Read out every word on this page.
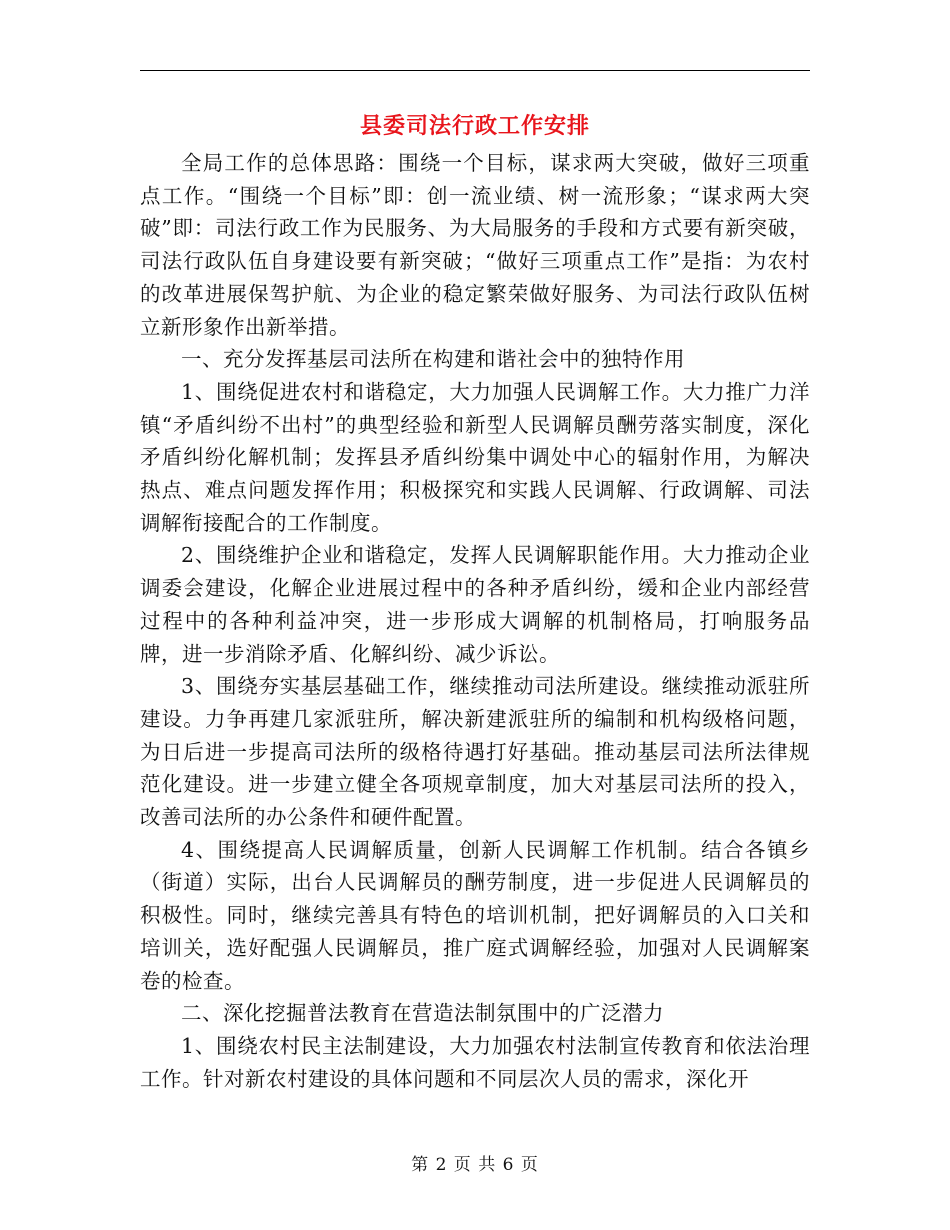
县委司法行政工作安排

全局工作的总体思路：围绕一个目标，谋求两大突破，做好三项重点工作。“围绕一个目标”即：创一流业绩、树一流形象；“谋求两大突破”即：司法行政工作为民服务、为大局服务的手段和方式要有新突破，司法行政队伍自身建设要有新突破；“做好三项重点工作”是指：为农村的改革进展保驾护航、为企业的稳定繁荣做好服务、为司法行政队伍树立新形象作出新举措。

一、充分发挥基层司法所在构建和谐社会中的独特作用

1、围绕促进农村和谐稳定，大力加强人民调解工作。大力推广力洋镇“矛盾纠纷不出村”的典型经验和新型人民调解员酬劳落实制度，深化矛盾纠纷化解机制；发挥县矛盾纠纷集中调处中心的辐射作用，为解决热点、难点问题发挥作用；积极探究和实践人民调解、行政调解、司法调解衔接配合的工作制度。

2、围绕维护企业和谐稳定，发挥人民调解职能作用。大力推动企业调委会建设，化解企业进展过程中的各种矛盾纠纷，缓和企业内部经营过程中的各种利益冲突，进一步形成大调解的机制格局，打响服务品牌，进一步消除矛盾、化解纠纷、减少诉讼。

3、围绕夯实基层基础工作，继续推动司法所建设。继续推动派驻所建设。力争再建几家派驻所，解决新建派驻所的编制和机构级格问题，为日后进一步提高司法所的级格待遇打好基础。推动基层司法所法律规范化建设。进一步建立健全各项规章制度，加大对基层司法所的投入，改善司法所的办公条件和硬件配置。

4、围绕提高人民调解质量，创新人民调解工作机制。结合各镇乡（街道）实际，出台人民调解员的酬劳制度，进一步促进人民调解员的积极性。同时，继续完善具有特色的培训机制，把好调解员的入口关和培训关，选好配强人民调解员，推广庭式调解经验，加强对人民调解案卷的检查。

二、深化挖掘普法教育在营造法制氛围中的广泛潜力

1、围绕农村民主法制建设，大力加强农村法制宣传教育和依法治理工作。针对新农村建设的具体问题和不同层次人员的需求，深化开

第 2 页 共 6 页
